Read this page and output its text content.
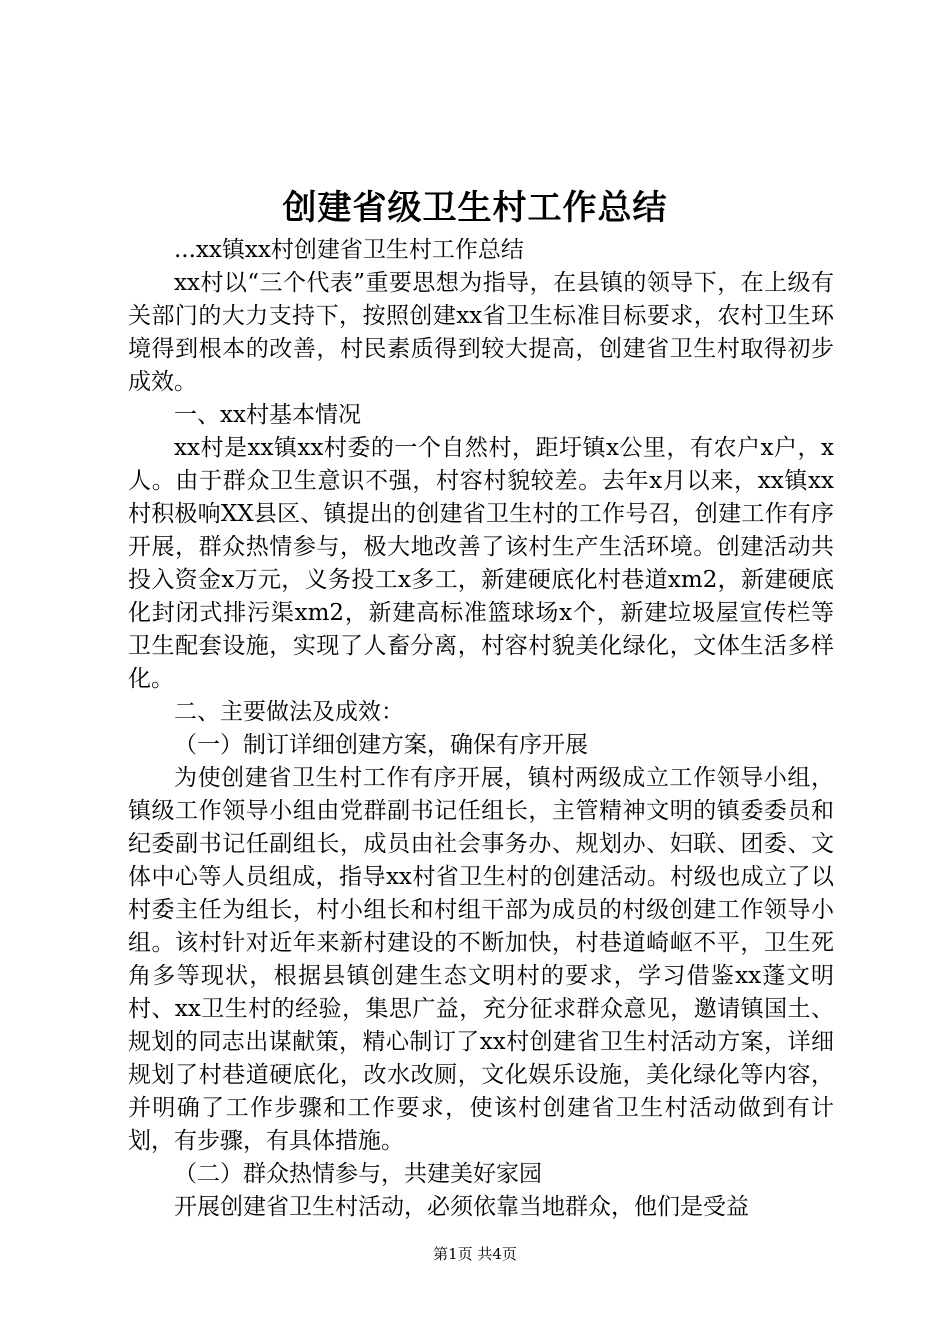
创建省级卫生村工作总结

...xx镇xx村创建省卫生村工作总结

xx村以“三个代表”重要思想为指导，在县镇的领导下，在上级有关部门的大力支持下，按照创建xx省卫生标准目标要求，农村卫生环境得到根本的改善，村民素质得到较大提高，创建省卫生村取得初步成效。

一、xx村基本情况

xx村是xx镇xx村委的一个自然村，距圩镇x公里，有农户x户，x人。由于群众卫生意识不强，村容村貌较差。去年x月以来，xx镇xx村积极响XX县区、镇提出的创建省卫生村的工作号召，创建工作有序开展，群众热情参与，极大地改善了该村生产生活环境。创建活动共投入资金x万元，义务投工x多工，新建硬底化村巷道xm2，新建硬底化封闭式排污渠xm2，新建高标准篮球场x个，新建垃圾屋宣传栏等卫生配套设施，实现了人畜分离，村容村貌美化绿化，文体生活多样化。

二、主要做法及成效：

（一）制订详细创建方案，确保有序开展

为使创建省卫生村工作有序开展，镇村两级成立工作领导小组，镇级工作领导小组由党群副书记任组长，主管精神文明的镇委委员和纪委副书记任副组长，成员由社会事务办、规划办、妇联、团委、文体中心等人员组成，指导xx村省卫生村的创建活动。村级也成立了以村委主任为组长，村小组长和村组干部为成员的村级创建工作领导小组。该村针对近年来新村建设的不断加快，村巷道崎岖不平，卫生死角多等现状，根据县镇创建生态文明村的要求，学习借鉴xx蓬文明村、xx卫生村的经验，集思广益，充分征求群众意见，邀请镇国土、规划的同志出谋献策，精心制订了xx村创建省卫生村活动方案，详细规划了村巷道硬底化，改水改厕，文化娱乐设施，美化绿化等内容，并明确了工作步骤和工作要求，使该村创建省卫生村活动做到有计划，有步骤，有具体措施。

（二）群众热情参与，共建美好家园

开展创建省卫生村活动，必须依靠当地群众，他们是受益

第1页 共4页
